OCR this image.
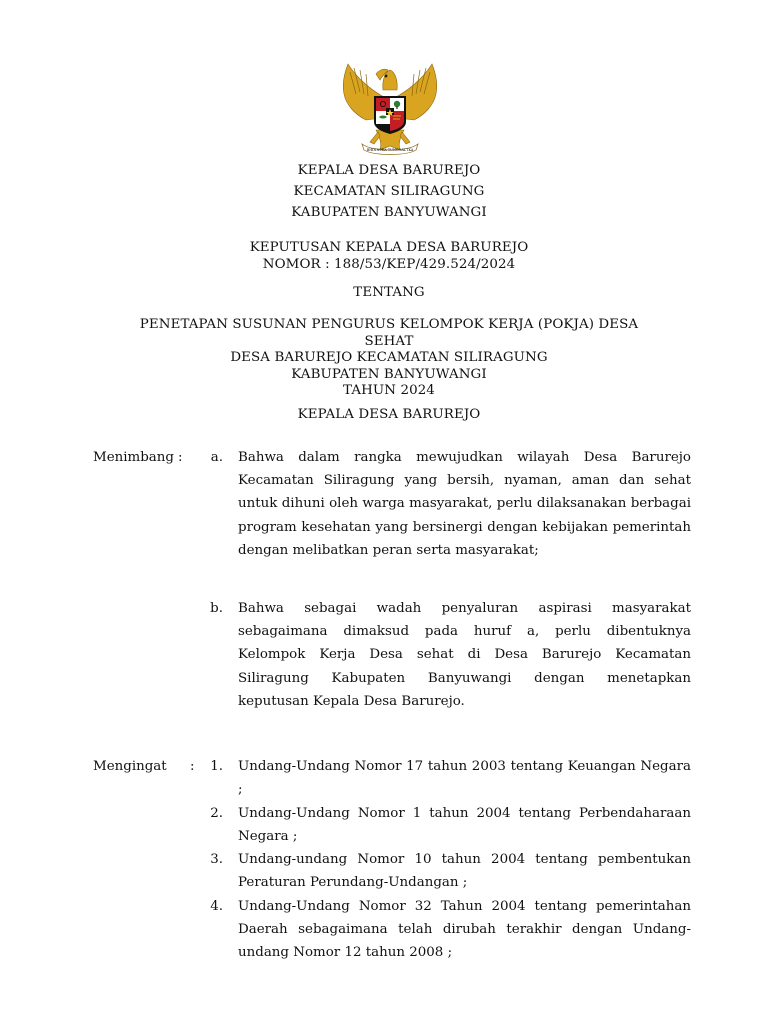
BHINNEKA TUNGGAL IKA
KEPALA DESA BARUREJO
KECAMATAN SILIRAGUNG
KABUPATEN BANYUWANGI
KEPUTUSAN KEPALA DESA BARUREJO
NOMOR : 188/53/KEP/429.524/2024
TENTANG
PENETAPAN SUSUNAN PENGURUS KELOMPOK KERJA (POKJA) DESA
SEHAT
DESA BARUREJO KECAMATAN SILIRAGUNG
KABUPATEN BANYUWANGI
TAHUN 2024
KEPALA DESA BARUREJO
Menimbang :	a. Bahwa dalam rangka mewujudkan wilayah Desa Barurejo Kecamatan Siliragung yang bersih, nyaman, aman dan sehat untuk dihuni oleh warga masyarakat, perlu dilaksanakan berbagai program kesehatan yang bersinergi dengan kebijakan pemerintah dengan melibatkan peran serta masyarakat;
b. Bahwa sebagai wadah penyaluran aspirasi masyarakat sebagaimana dimaksud pada huruf a, perlu dibentuknya Kelompok Kerja Desa sehat di Desa Barurejo Kecamatan Siliragung Kabupaten Banyuwangi dengan menetapkan keputusan Kepala Desa Barurejo.
Mengingat :	1. Undang-Undang Nomor 17 tahun 2003 tentang Keuangan Negara ;
2. Undang-Undang Nomor 1 tahun 2004 tentang Perbendaharaan Negara ;
3. Undang-undang Nomor 10 tahun 2004 tentang pembentukan Peraturan Perundang-Undangan ;
4. Undang-Undang Nomor 32 Tahun 2004 tentang pemerintahan Daerah sebagaimana telah dirubah terakhir dengan Undang-undang Nomor 12 tahun 2008 ;
